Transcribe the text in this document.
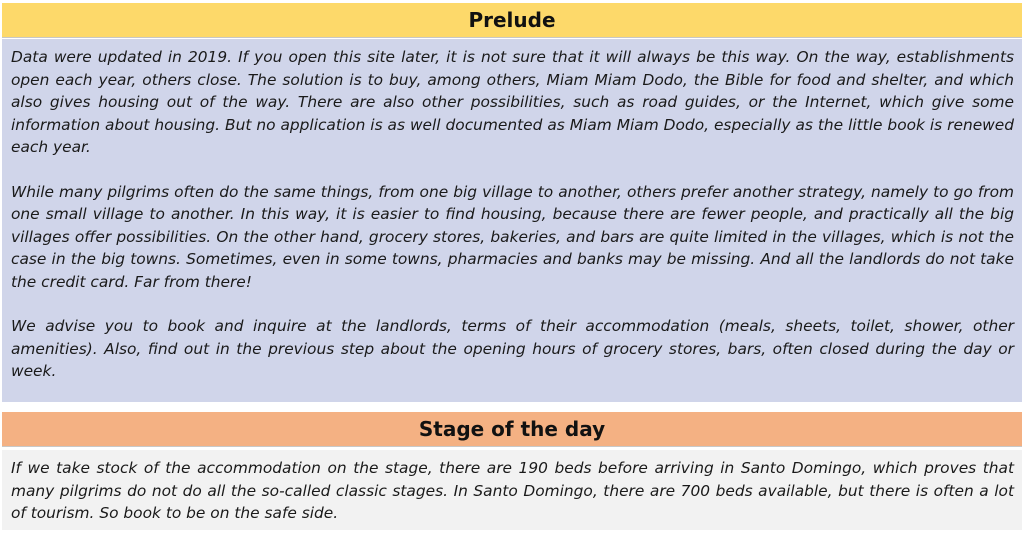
Prelude

Data were updated in 2019. If you open this site later, it is not sure that it will always be this way. On the way, establishments open each year, others close. The solution is to buy, among others, Miam Miam Dodo, the Bible for food and shelter, and which also gives housing out of the way. There are also other possibilities, such as road guides, or the Internet, which give some information about housing. But no application is as well documented as Miam Miam Dodo, especially as the little book is renewed each year.

While many pilgrims often do the same things, from one big village to another, others prefer another strategy, namely to go from one small village to another. In this way, it is easier to find housing, because there are fewer people, and practically all the big villages offer possibilities. On the other hand, grocery stores, bakeries, and bars are quite limited in the villages, which is not the case in the big towns. Sometimes, even in some towns, pharmacies and banks may be missing. And all the landlords do not take the credit card. Far from there!

We advise you to book and inquire at the landlords, terms of their accommodation (meals, sheets, toilet, shower, other amenities). Also, find out in the previous step about the opening hours of grocery stores, bars, often closed during the day or week.

Stage of the day

If we take stock of the accommodation on the stage, there are 190 beds before arriving in Santo Domingo, which proves that many pilgrims do not do all the so-called classic stages. In Santo Domingo, there are 700 beds available, but there is often a lot of tourism. So book to be on the safe side.
